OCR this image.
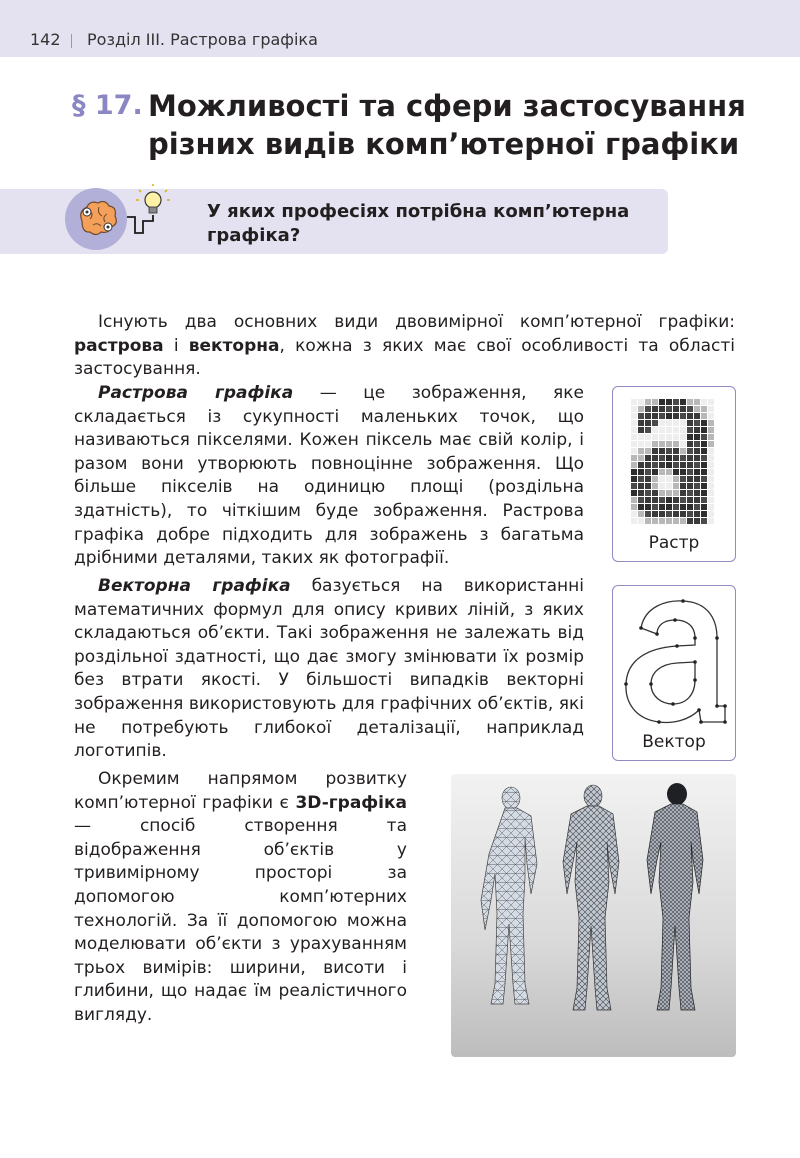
142 Розділ ІІІ. Растрова графіка
§ 17. Можливості та сфери застосування
різних видів комп’ютерної графіки
У яких професіях потрібна комп’ютерна графіка?

Існують два основних види двовимірної комп’ютерної графіки: растрова і векторна, кожна з яких має свої особливості та області застосування.

Растрова графіка — це зображення, яке складається із сукупності маленьких точок, що називаються пікселями. Кожен піксель має свій колір, і разом вони утворюють повноцінне зображення. Що більше пікселів на одиницю площі (роздільна здатність), то чіткішим буде зображення. Растрова графіка добре підходить для зображень з багатьма дрібними деталями, таких як фотографії.

Векторна графіка базується на використанні математичних формул для опису кривих ліній, з яких складаються об’єкти. Такі зображення не залежать від роздільної здатності, що дає змогу змінювати їх розмір без втрати якості. У більшості випадків векторні зображення використовують для графічних об’єктів, які не потребують глибокої деталізації, наприклад логотипів.

Окремим напрямом розвитку комп’ютерної графіки є 3D-графіка — спосіб створення та відображення об’єктів у тривимірному просторі за допомогою комп’ютерних технологій. За її допомогою можна моделювати об’єкти з урахуванням трьох вимірів: ширини, висоти і глибини, що надає їм реалістичного вигляду.

Растр
Вектор
